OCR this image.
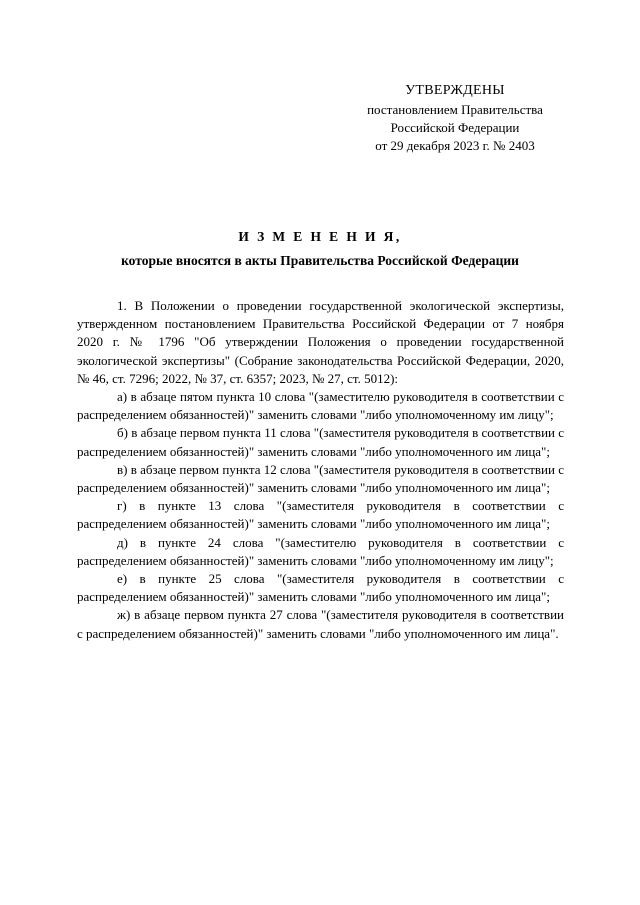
УТВЕРЖДЕНЫ
постановлением Правительства
Российской Федерации
от 29 декабря 2023 г. № 2403
И З М Е Н Е Н И Я,
которые вносятся в акты Правительства Российской Федерации

1. В Положении о проведении государственной экологической экспертизы, утвержденном постановлением Правительства Российской Федерации от 7 ноября 2020 г. № 1796 "Об утверждении Положения о проведении государственной экологической экспертизы" (Собрание законодательства Российской Федерации, 2020, № 46, ст. 7296; 2022, № 37, ст. 6357; 2023, № 27, ст. 5012):

а) в абзаце пятом пункта 10 слова "(заместителю руководителя в соответствии с распределением обязанностей)" заменить словами "либо уполномоченному им лицу";

б) в абзаце первом пункта 11 слова "(заместителя руководителя в соответствии с распределением обязанностей)" заменить словами "либо уполномоченного им лица";

в) в абзаце первом пункта 12 слова "(заместителя руководителя в соответствии с распределением обязанностей)" заменить словами "либо уполномоченного им лица";

г) в пункте 13 слова "(заместителя руководителя в соответствии с распределением обязанностей)" заменить словами "либо уполномоченного им лица";

д) в пункте 24 слова "(заместителю руководителя в соответствии с распределением обязанностей)" заменить словами "либо уполномоченному им лицу";

е) в пункте 25 слова "(заместителя руководителя в соответствии с распределением обязанностей)" заменить словами "либо уполномоченного им лица";

ж) в абзаце первом пункта 27 слова "(заместителя руководителя в соответствии с распределением обязанностей)" заменить словами "либо уполномоченного им лица".
